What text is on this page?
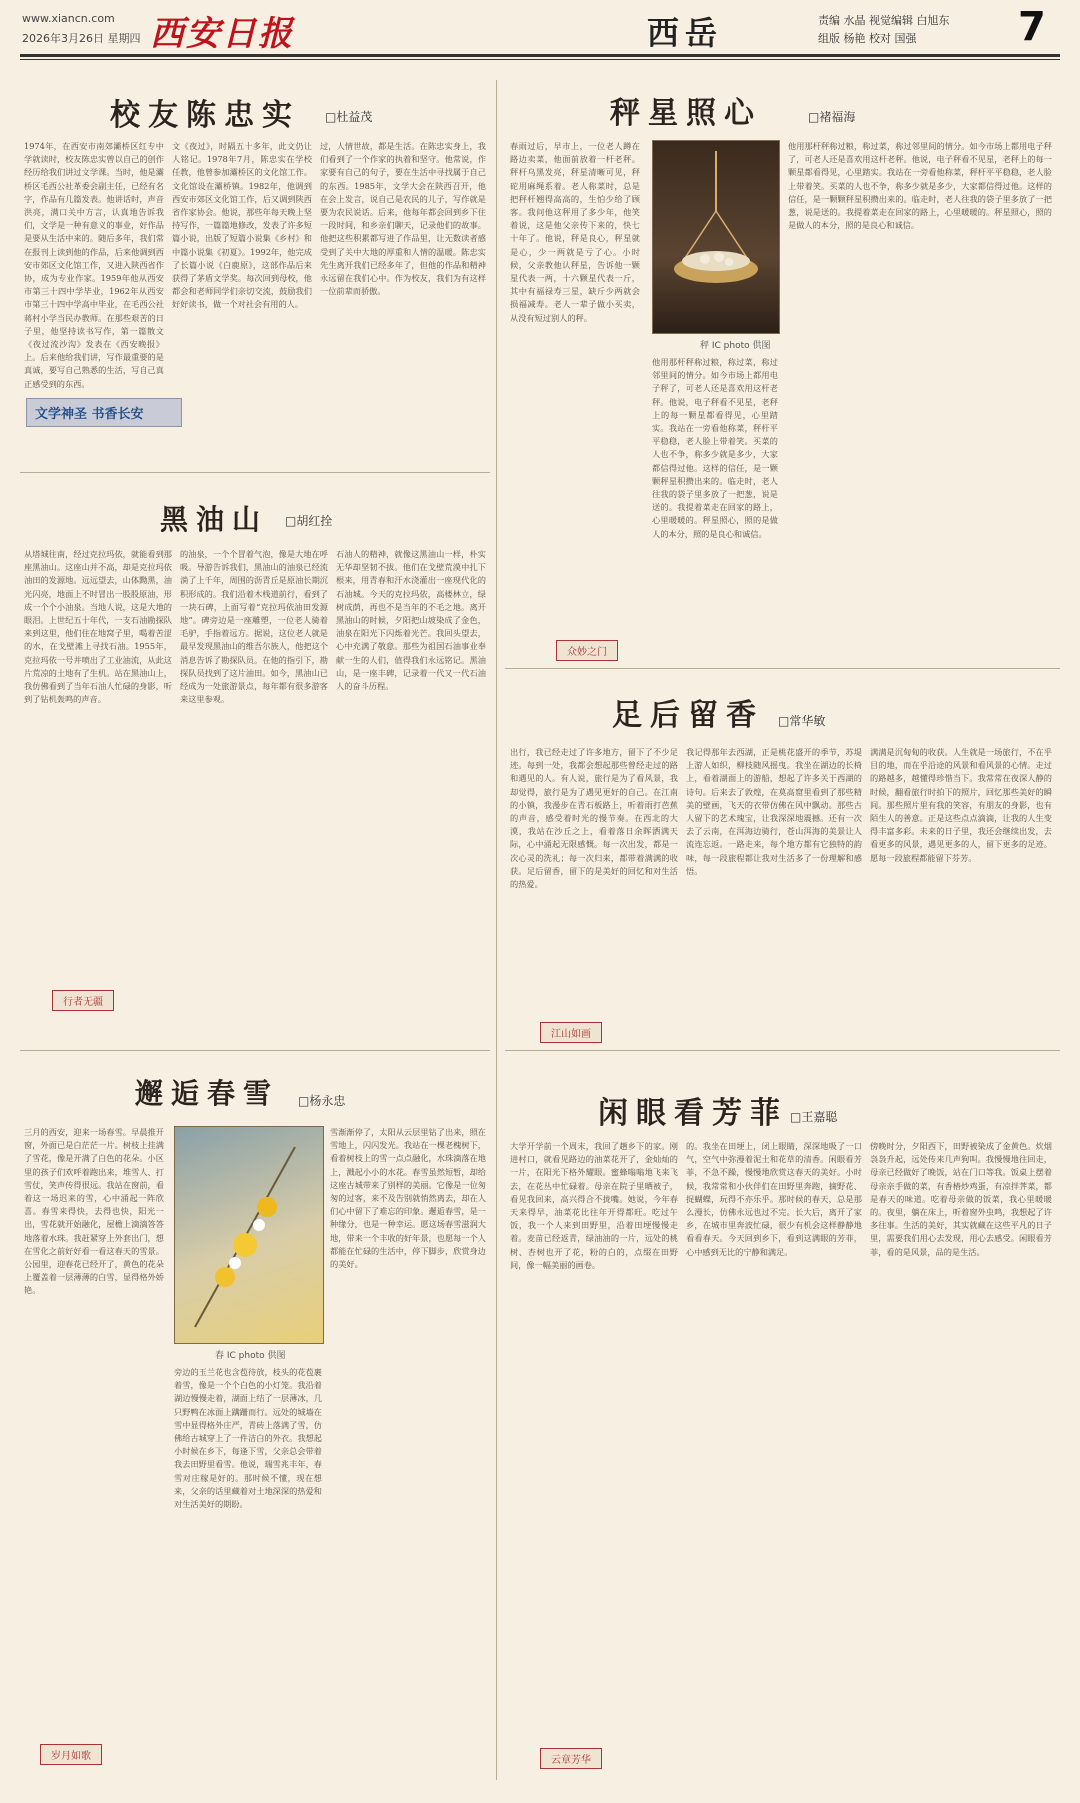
www.xiancn.com
2026年3月26日 星期四 西安日报	西岳	责编 水晶 视觉编辑 白旭东
组版 杨艳 校对 国强	7
校友陈忠实 □杜益茂
1974年，在西安市南郊灞桥区红专中学就读时，校友陈忠实曾以自己的创作经历给我们讲过文学课。当时，他是灞桥区毛西公社革委会副主任，已经有名字，作品有几篇发表。他讲话时，声音洪亮，满口关中方言，认真地告诉我们，文学是一种有意义的事业，好作品是要从生活中来的。随后多年，我们常在报刊上读到他的作品，后来他调到西安市郊区文化馆工作，又进入陕西省作协，成为专业作家。1959年他从西安市第三十四中学毕业，1962年从西安市第三十四中学高中毕业，在毛西公社蒋村小学当民办教师。在那些艰苦的日子里，他坚持读书写作，第一篇散文《夜过流沙沟》发表在《西安晚报》上。后来他给我们讲，写作最重要的是真诚，要写自己熟悉的生活，写自己真正感受到的东西。
文《夜过》，时隔五十多年，此文仍让人铭记。1978年7月，陈忠实在学校任教，他曾参加灞桥区的文化馆工作。文化馆设在灞桥镇。1982年，他调到西安市郊区文化馆工作，后又调到陕西省作家协会。他说，那些年每天晚上坚持写作，一篇篇地修改，发表了许多短篇小说，出版了短篇小说集《乡村》和中篇小说集《初夏》。1992年，他完成了长篇小说《白鹿原》，这部作品后来获得了茅盾文学奖。每次回到母校，他都会和老师同学们亲切交流，鼓励我们好好读书，做一个对社会有用的人。
过，人情世故，都是生活。在陈忠实身上，我们看到了一个作家的执着和坚守。他常说，作家要有自己的句子，要在生活中寻找属于自己的东西。1985年，文学大会在陕西召开，他在会上发言，说自己是农民的儿子，写作就是要为农民说话。后来，他每年都会回到乡下住一段时间，和乡亲们聊天，记录他们的故事。他把这些积累都写进了作品里，让无数读者感受到了关中大地的厚重和人情的温暖。陈忠实先生离开我们已经多年了，但他的作品和精神永远留在我们心中。作为校友，我们为有这样一位前辈而骄傲。
文学神圣 书香长安
秤星照心	□褚福海
春雨过后，早市上，一位老人蹲在路边卖菜，他面前放着一杆老秤。秤杆乌黑发亮，秤星清晰可见，秤砣用麻绳系着。老人称菜时，总是把秤杆翘得高高的，生怕少给了顾客。我问他这秤用了多少年，他笑着说，这是他父亲传下来的，快七十年了。他说，秤是良心，秤星就是心，少一两就是亏了心。小时候，父亲教他认秤星，告诉他一颗星代表一两，十六颗星代表一斤，其中有福禄寿三星，缺斤少两就会损福减寿。老人一辈子做小买卖，从没有短过别人的秤。
秤 IC photo 供图
他用那杆秤称过粮，称过菜，称过邻里间的情分。如今市场上都用电子秤了，可老人还是喜欢用这杆老秤。他说，电子秤看不见星，老秤上的每一颗星都看得见，心里踏实。我站在一旁看他称菜，秤杆平平稳稳，老人脸上带着笑。买菜的人也不争，称多少就是多少，大家都信得过他。这样的信任，是一颗颗秤星积攒出来的。临走时，老人往我的袋子里多放了一把葱，说是送的。我提着菜走在回家的路上，心里暖暖的。秤星照心，照的是做人的本分，照的是良心和诚信。
他用那杆秤称过粮，称过菜，称过邻里间的情分。如今市场上都用电子秤了，可老人还是喜欢用这杆老秤。他说，电子秤看不见星，老秤上的每一颗星都看得见，心里踏实。我站在一旁看他称菜，秤杆平平稳稳，老人脸上带着笑。买菜的人也不争，称多少就是多少，大家都信得过他。这样的信任，是一颗颗秤星积攒出来的。临走时，老人往我的袋子里多放了一把葱，说是送的。我提着菜走在回家的路上，心里暖暖的。秤星照心，照的是做人的本分，照的是良心和诚信。
众妙之门
黑油山 □胡红拴
从塔城往南，经过克拉玛依，就能看到那座黑油山。这座山并不高，却是克拉玛依油田的发源地。远远望去，山体黝黑，油光闪亮，地面上不时冒出一股股原油，形成一个个小油泉。当地人说，这是大地的眼泪。上世纪五十年代，一支石油勘探队来到这里，他们住在地窝子里，喝着苦涩的水，在戈壁滩上寻找石油。1955年，克拉玛依一号井喷出了工业油流，从此这片荒凉的土地有了生机。站在黑油山上，我仿佛看到了当年石油人忙碌的身影，听到了钻机轰鸣的声音。
的油泉，一个个冒着气泡，像是大地在呼吸。导游告诉我们，黑油山的油泉已经流淌了上千年，周围的沥青丘是原油长期沉积形成的。我们沿着木栈道前行，看到了一块石碑，上面写着“克拉玛依油田发源地”。碑旁边是一座雕塑，一位老人骑着毛驴，手指着远方。据说，这位老人就是最早发现黑油山的维吾尔族人，他把这个消息告诉了勘探队员。在他的指引下，勘探队员找到了这片油田。如今，黑油山已经成为一处旅游景点，每年都有很多游客来这里参观。
石油人的精神，就像这黑油山一样，朴实无华却坚韧不拔。他们在戈壁荒漠中扎下根来，用青春和汗水浇灌出一座现代化的石油城。今天的克拉玛依，高楼林立，绿树成荫，再也不是当年的不毛之地。离开黑油山的时候，夕阳把山坡染成了金色，油泉在阳光下闪烁着光芒。我回头望去，心中充满了敬意。那些为祖国石油事业奉献一生的人们，值得我们永远铭记。黑油山，是一座丰碑，记录着一代又一代石油人的奋斗历程。
行者无疆
足后留香 □常华敏
出行，我已经走过了许多地方，留下了不少足迹。每到一处，我都会想起那些曾经走过的路和遇见的人。有人说，旅行是为了看风景，我却觉得，旅行是为了遇见更好的自己。在江南的小镇，我漫步在青石板路上，听着雨打芭蕉的声音，感受着时光的慢节奏。在西北的大漠，我站在沙丘之上，看着落日余晖洒满天际，心中涌起无限感慨。每一次出发，都是一次心灵的洗礼；每一次归来，都带着满满的收获。足后留香，留下的是美好的回忆和对生活的热爱。
我记得那年去西湖，正是桃花盛开的季节，苏堤上游人如织，柳枝随风摇曳。我坐在湖边的长椅上，看着湖面上的游船，想起了许多关于西湖的诗句。后来去了敦煌，在莫高窟里看到了那些精美的壁画，飞天的衣带仿佛在风中飘动。那些古人留下的艺术瑰宝，让我深深地震撼。还有一次去了云南，在洱海边骑行，苍山洱海的美景让人流连忘返。一路走来，每个地方都有它独特的韵味，每一段旅程都让我对生活多了一份理解和感悟。
满满是沉甸甸的收获。人生就是一场旅行，不在乎目的地，而在乎沿途的风景和看风景的心情。走过的路越多，越懂得珍惜当下。我常常在夜深人静的时候，翻看旅行时拍下的照片，回忆那些美好的瞬间。那些照片里有我的笑容，有朋友的身影，也有陌生人的善意。正是这些点点滴滴，让我的人生变得丰富多彩。未来的日子里，我还会继续出发，去看更多的风景，遇见更多的人，留下更多的足迹。愿每一段旅程都能留下芬芳。
江山如画
邂逅春雪 □杨永忠
三月的西安，迎来一场春雪。早晨推开窗，外面已是白茫茫一片。树枝上挂满了雪花，像是开满了白色的花朵。小区里的孩子们欢呼着跑出来，堆雪人、打雪仗，笑声传得很远。我站在窗前，看着这一场迟来的雪，心中涌起一阵欣喜。春雪来得快，去得也快，阳光一出，雪花就开始融化，屋檐上滴滴答答地落着水珠。我赶紧穿上外套出门，想在雪化之前好好看一看这春天的雪景。公园里，迎春花已经开了，黄色的花朵上覆盖着一层薄薄的白雪，显得格外娇艳。
春 IC photo 供图
旁边的玉兰花也含苞待放，枝头的花苞裹着雪，像是一个个白色的小灯笼。我沿着湖边慢慢走着，湖面上结了一层薄冰，几只野鸭在冰面上蹒跚而行。远处的城墙在雪中显得格外庄严，青砖上落满了雪，仿佛给古城穿上了一件洁白的外衣。我想起小时候在乡下，每逢下雪，父亲总会带着我去田野里看雪。他说，瑞雪兆丰年，春雪对庄稼是好的。那时候不懂，现在想来，父亲的话里藏着对土地深深的热爱和对生活美好的期盼。
雪渐渐停了，太阳从云层里钻了出来，照在雪地上，闪闪发光。我站在一棵老槐树下，看着树枝上的雪一点点融化，水珠滴落在地上，溅起小小的水花。春雪虽然短暂，却给这座古城带来了别样的美丽。它像是一位匆匆的过客，来不及告别就悄然离去，却在人们心中留下了难忘的印象。邂逅春雪，是一种缘分，也是一种幸运。愿这场春雪滋润大地，带来一个丰收的好年景，也愿每一个人都能在忙碌的生活中，停下脚步，欣赏身边的美好。
岁月如歌
闲眼看芳菲 □王嘉聪
大学开学前一个周末，我回了趟乡下的家。刚进村口，就看见路边的油菜花开了，金灿灿的一片，在阳光下格外耀眼。蜜蜂嗡嗡地飞来飞去，在花丛中忙碌着。母亲在院子里晒被子，看见我回来，高兴得合不拢嘴。她说，今年春天来得早，油菜花比往年开得都旺。吃过午饭，我一个人来到田野里，沿着田埂慢慢走着。麦苗已经返青，绿油油的一片，远处的桃树、杏树也开了花，粉的白的，点缀在田野间，像一幅美丽的画卷。
的。我坐在田埂上，闭上眼睛，深深地吸了一口气，空气中弥漫着泥土和花草的清香。闲眼看芳菲，不急不躁，慢慢地欣赏这春天的美好。小时候，我常常和小伙伴们在田野里奔跑，摘野花、捉蝴蝶，玩得不亦乐乎。那时候的春天，总是那么漫长，仿佛永远也过不完。长大后，离开了家乡，在城市里奔波忙碌，很少有机会这样静静地看看春天。今天回到乡下，看到这满眼的芳菲，心中感到无比的宁静和满足。
傍晚时分，夕阳西下，田野被染成了金黄色。炊烟袅袅升起，远处传来几声狗叫。我慢慢地往回走，母亲已经做好了晚饭，站在门口等我。饭桌上摆着母亲亲手做的菜，有香椿炒鸡蛋，有凉拌荠菜，都是春天的味道。吃着母亲做的饭菜，我心里暖暖的。夜里，躺在床上，听着窗外虫鸣，我想起了许多往事。生活的美好，其实就藏在这些平凡的日子里，需要我们用心去发现，用心去感受。闲眼看芳菲，看的是风景，品的是生活。
云章芳华
